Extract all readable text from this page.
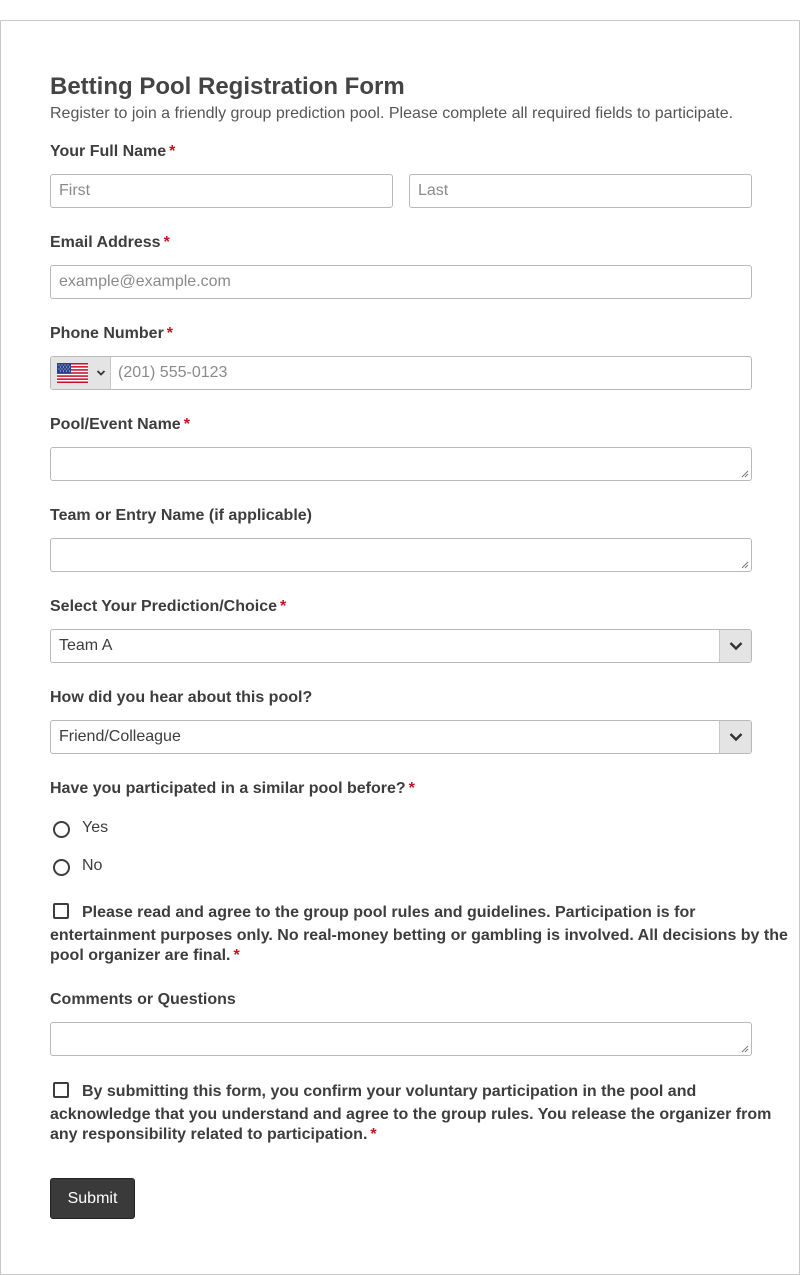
Betting Pool Registration Form

Register to join a friendly group prediction pool. Please complete all required fields to participate.

Your Full Name *
First
Last
Email Address *
example@example.com
Phone Number *
(201) 555-0123
Pool/Event Name *
Team or Entry Name (if applicable)
Select Your Prediction/Choice *
Team A
How did you hear about this pool?
Friend/Colleague
Have you participated in a similar pool before? *
Yes
No
Please read and agree to the group pool rules and guidelines. Participation is for
entertainment purposes only. No real-money betting or gambling is involved. All decisions by the
pool organizer are final. *
Comments or Questions
By submitting this form, you confirm your voluntary participation in the pool and
acknowledge that you understand and agree to the group rules. You release the organizer from
any responsibility related to participation. *
Submit
